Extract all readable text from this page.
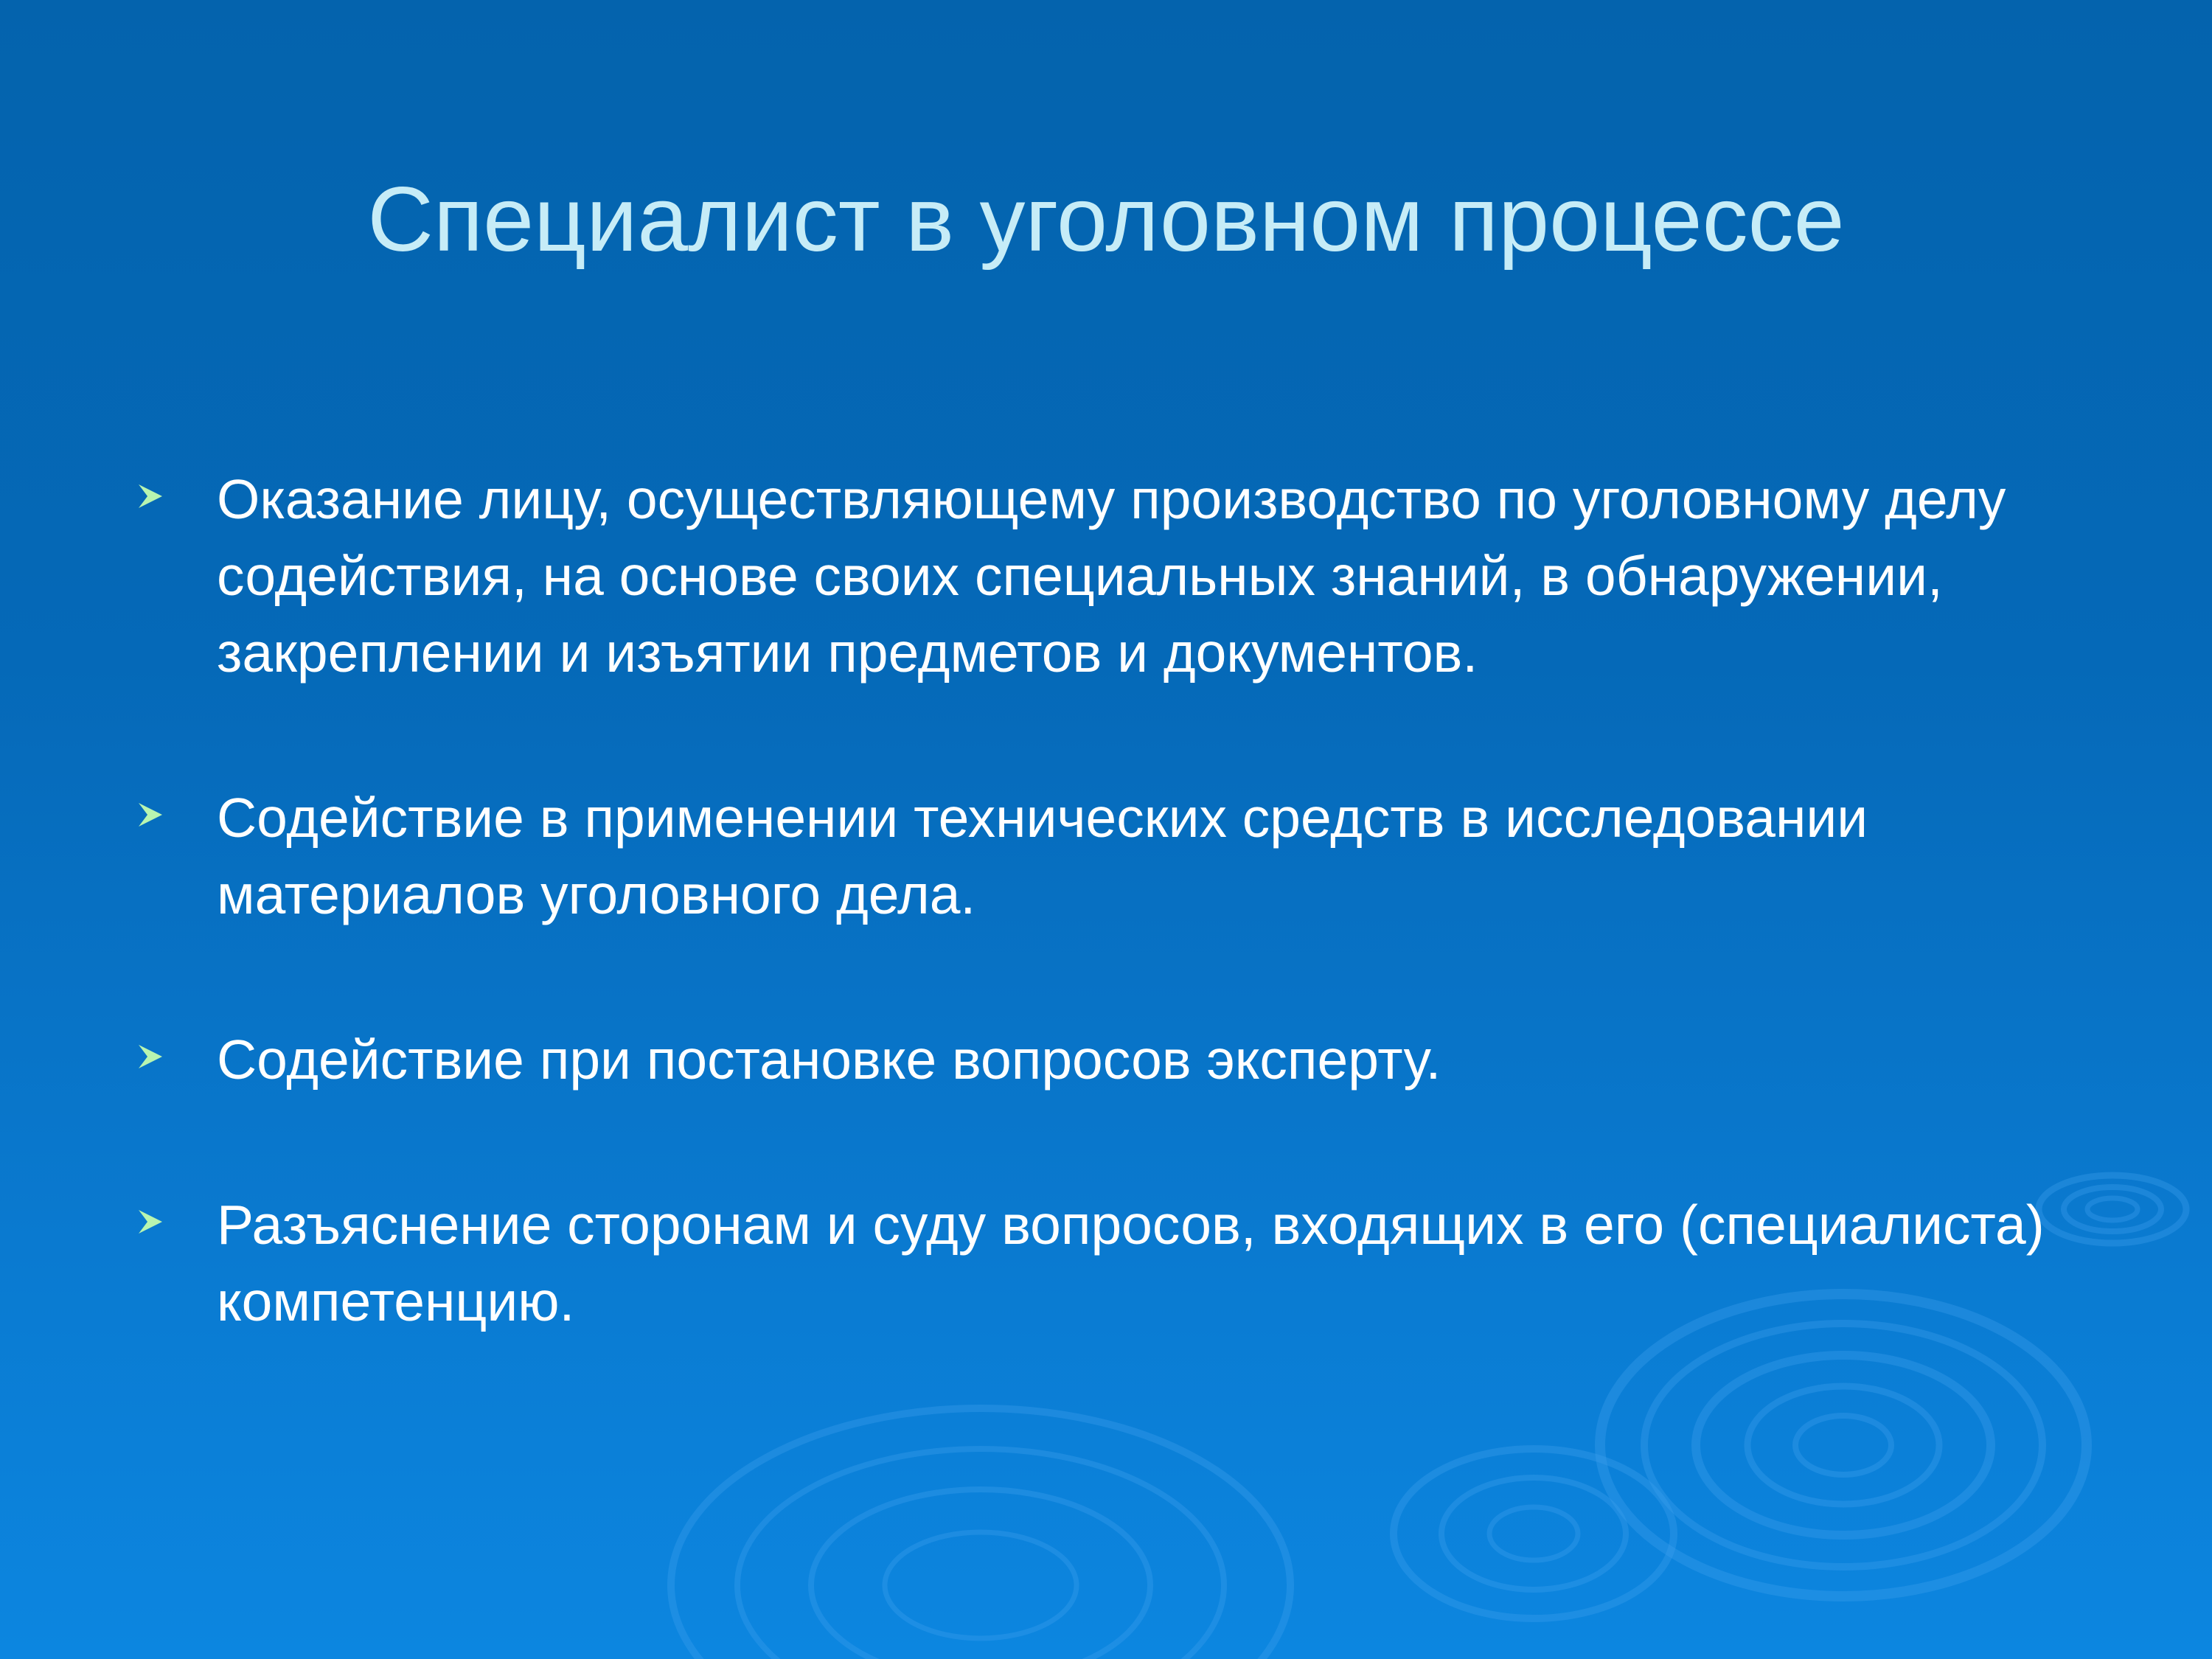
Специалист в уголовном процессе
Оказание лицу, осуществляющему производство по уголовному делу содействия, на основе своих специальных знаний, в обнаружении, закреплении и изъятии предметов и документов.
Содействие в применении технических средств в исследовании материалов уголовного дела.
Содействие при постановке вопросов эксперту.
Разъяснение сторонам и суду вопросов, входящих в его (специалиста) компетенцию.
